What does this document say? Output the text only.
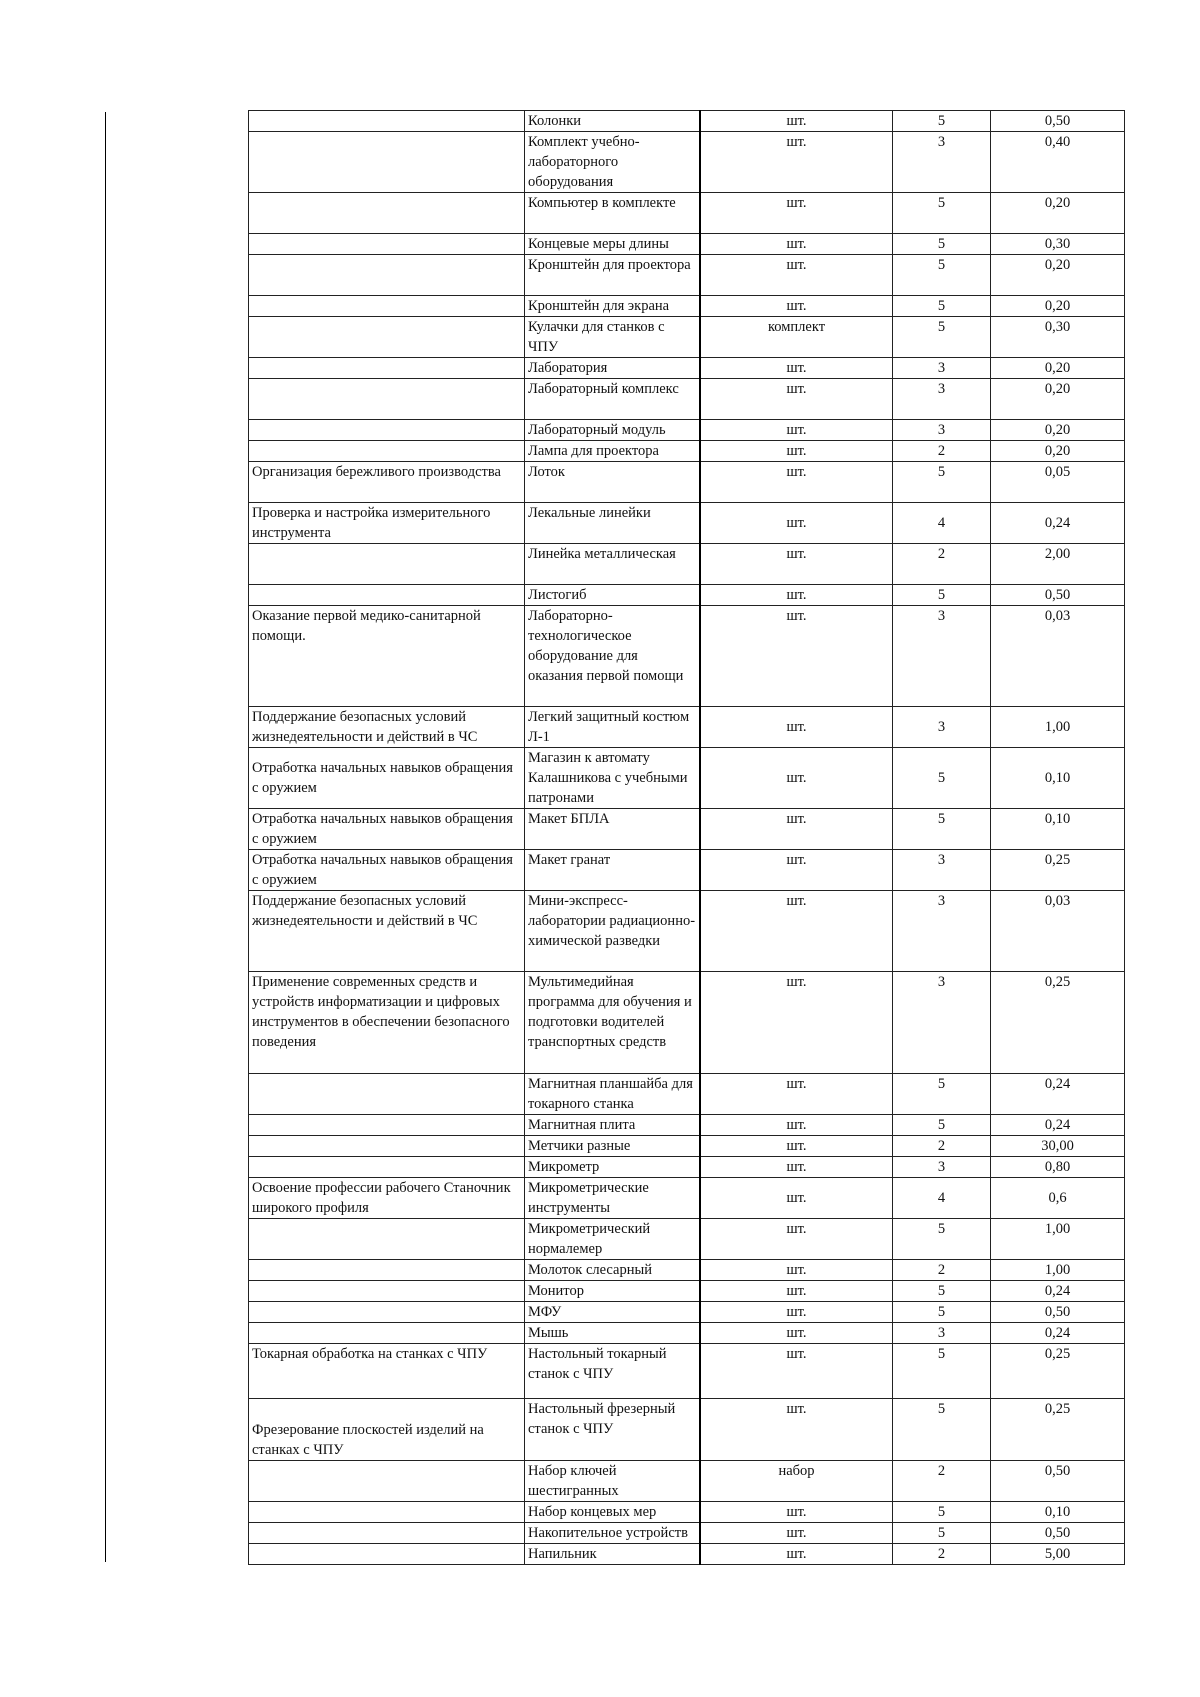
	Колонки	шт.	5	0,50
	Комплект учебно-лабораторного оборудования	шт.	3	0,40
	Компьютер в комплекте	шт.	5	0,20
	Концевые меры длины	шт.	5	0,30
	Кронштейн для проектора	шт.	5	0,20
	Кронштейн для экрана	шт.	5	0,20
	Кулачки для станков с ЧПУ	комплект	5	0,30
	Лаборатория	шт.	3	0,20
	Лабораторный комплекс	шт.	3	0,20
	Лабораторный модуль	шт.	3	0,20
	Лампа для проектора	шт.	2	0,20
Организация бережливого производства	Лоток	шт.	5	0,05
Проверка и настройка измерительного инструмента	Лекальные линейки	шт.	4	0,24
	Линейка металлическая	шт.	2	2,00
	Листогиб	шт.	5	0,50
Оказание первой медико-санитарной помощи.	Лабораторно-технологическое оборудование для оказания первой помощи	шт.	3	0,03
Поддержание безопасных условий жизнедеятельности и действий в ЧС	Легкий защитный костюм Л-1	шт.	3	1,00
Отработка начальных навыков обращения с оружием	Магазин к автомату Калашникова с учебными патронами	шт.	5	0,10
Отработка начальных навыков обращения с оружием	Макет БПЛА	шт.	5	0,10
Отработка начальных навыков обращения с оружием	Макет гранат	шт.	3	0,25
Поддержание безопасных условий жизнедеятельности и действий в ЧС	Мини-экспресс-лаборатории радиационно-химической разведки	шт.	3	0,03
Применение современных средств и устройств информатизации и цифровых инструментов в обеспечении безопасного поведения	Мультимедийная программа для обучения и подготовки водителей транспортных средств	шт.	3	0,25
	Магнитная планшайба для токарного станка	шт.	5	0,24
	Магнитная плита	шт.	5	0,24
	Метчики разные	шт.	2	30,00
	Микрометр	шт.	3	0,80
Освоение профессии рабочего Станочник широкого профиля	Микрометрические инструменты	шт.	4	0,6
	Микрометрический нормалемер	шт.	5	1,00
	Молоток слесарный	шт.	2	1,00
	Монитор	шт.	5	0,24
	МФУ	шт.	5	0,50
	Мышь	шт.	3	0,24
Токарная обработка на станках с ЧПУ	Настольный токарный станок с ЧПУ	шт.	5	0,25
Фрезерование плоскостей изделий на станках с ЧПУ	Настольный фрезерный станок с ЧПУ	шт.	5	0,25
	Набор ключей шестигранных	набор	2	0,50
	Набор концевых мер	шт.	5	0,10
	Накопительное устройств	шт.	5	0,50
	Напильник	шт.	2	5,00
